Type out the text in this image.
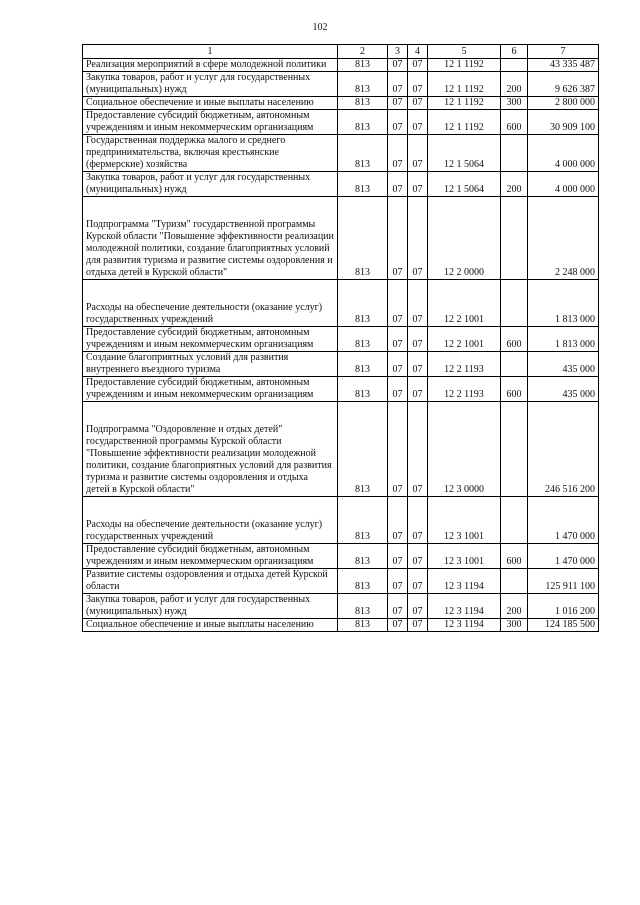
102
1	2	3	4	5	6	7
Реализация мероприятий в сфере молодежной политики	813	07	07	12 1 1192		43 335 487
Закупка товаров, работ и услуг для государственных (муниципальных) нужд	813	07	07	12 1 1192	200	9 626 387
Социальное обеспечение и иные выплаты населению	813	07	07	12 1 1192	300	2 800 000
Предоставление субсидий бюджетным, автономным учреждениям и иным некоммерческим организациям	813	07	07	12 1 1192	600	30 909 100
Государственная поддержка малого и среднего предпринимательства, включая крестьянские (фермерские) хозяйства	813	07	07	12 1 5064		4 000 000
Закупка товаров, работ и услуг для государственных (муниципальных) нужд	813	07	07	12 1 5064	200	4 000 000
Подпрограмма "Туризм" государственной программы Курской области "Повышение эффективности реализации молодежной политики, создание благоприятных условий для развития туризма и развитие системы оздоровления и отдыха детей в Курской области"	813	07	07	12 2 0000		2 248 000
Расходы на обеспечение деятельности (оказание услуг) государственных учреждений	813	07	07	12 2 1001		1 813 000
Предоставление субсидий бюджетным, автономным учреждениям и иным некоммерческим организациям	813	07	07	12 2 1001	600	1 813 000
Создание благоприятных условий для развития внутреннего въездного туризма	813	07	07	12 2 1193		435 000
Предоставление субсидий бюджетным, автономным учреждениям и иным некоммерческим организациям	813	07	07	12 2 1193	600	435 000
Подпрограмма "Оздоровление и отдых детей" государственной программы Курской области "Повышение эффективности реализации молодежной политики, создание благоприятных условий для развития туризма и развитие системы оздоровления и отдыха детей в Курской области"	813	07	07	12 3 0000		246 516 200
Расходы на обеспечение деятельности (оказание услуг) государственных учреждений	813	07	07	12 3 1001		1 470 000
Предоставление субсидий бюджетным, автономным учреждениям и иным некоммерческим организациям	813	07	07	12 3 1001	600	1 470 000
Развитие системы оздоровления и отдыха детей Курской области	813	07	07	12 3 1194		125 911 100
Закупка товаров, работ и услуг для государственных (муниципальных) нужд	813	07	07	12 3 1194	200	1 016 200
Социальное обеспечение и иные выплаты населению	813	07	07	12 3 1194	300	124 185 500
